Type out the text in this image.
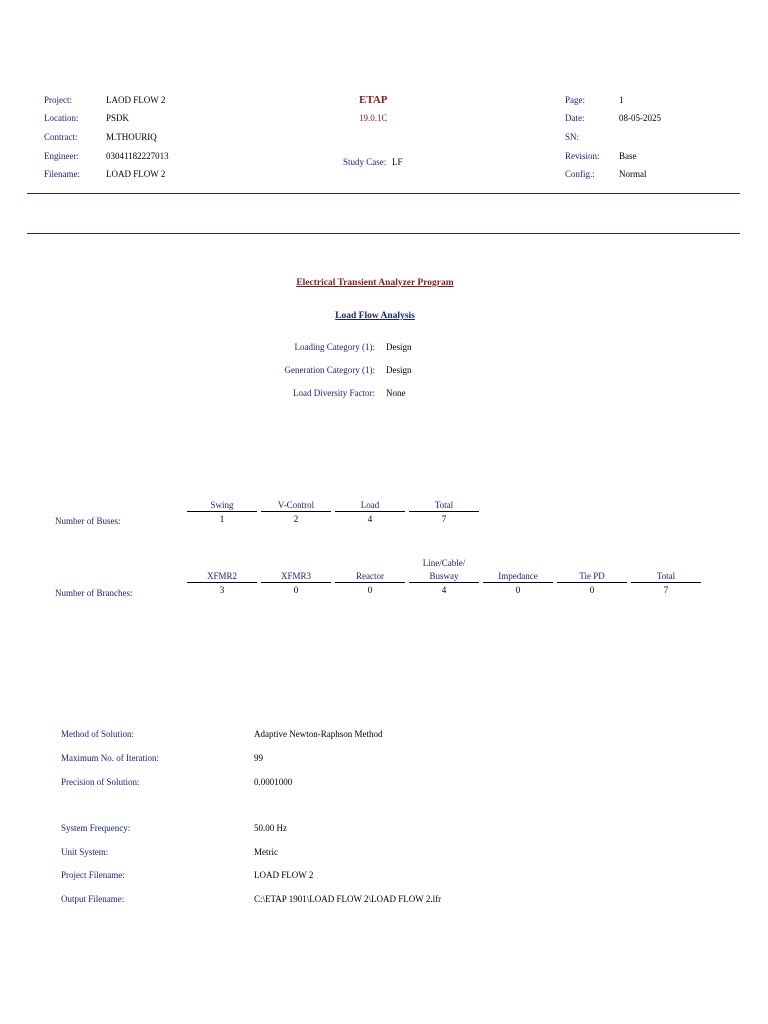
Project:	LAOD FLOW 2
Location:	PSDK
Contract:	M.THOURIQ
Engineer:	03041182227013
Filename:	LOAD FLOW 2
ETAP
19.0.1C
Study Case: LF
Page:	1
Date:	08-05-2025
SN:
Revision: Base
Config.:	Normal
Electrical Transient Analyzer Program
Load Flow Analysis
Loading Category (1): Design
Generation Category (1): Design
Load Diversity Factor: None
Number of Buses:
Swing	V-Control	Load	Total
1	2	4	7
Number of Branches:
Line/Cable/
XFMR2	XFMR3	Reactor	Busway	Impedance	Tie PD	Total
3	0	0	4	0	0	7
Method of Solution:	Adaptive Newton-Raphson Method
Maximum No. of Iteration:	99
Precision of Solution:	0.0001000
System Frequency:	50.00 Hz
Unit System:	Metric
Project Filename:	LOAD FLOW 2
Output Filename:	C:\ETAP 1901\LOAD FLOW 2\LOAD FLOW 2.lfr
